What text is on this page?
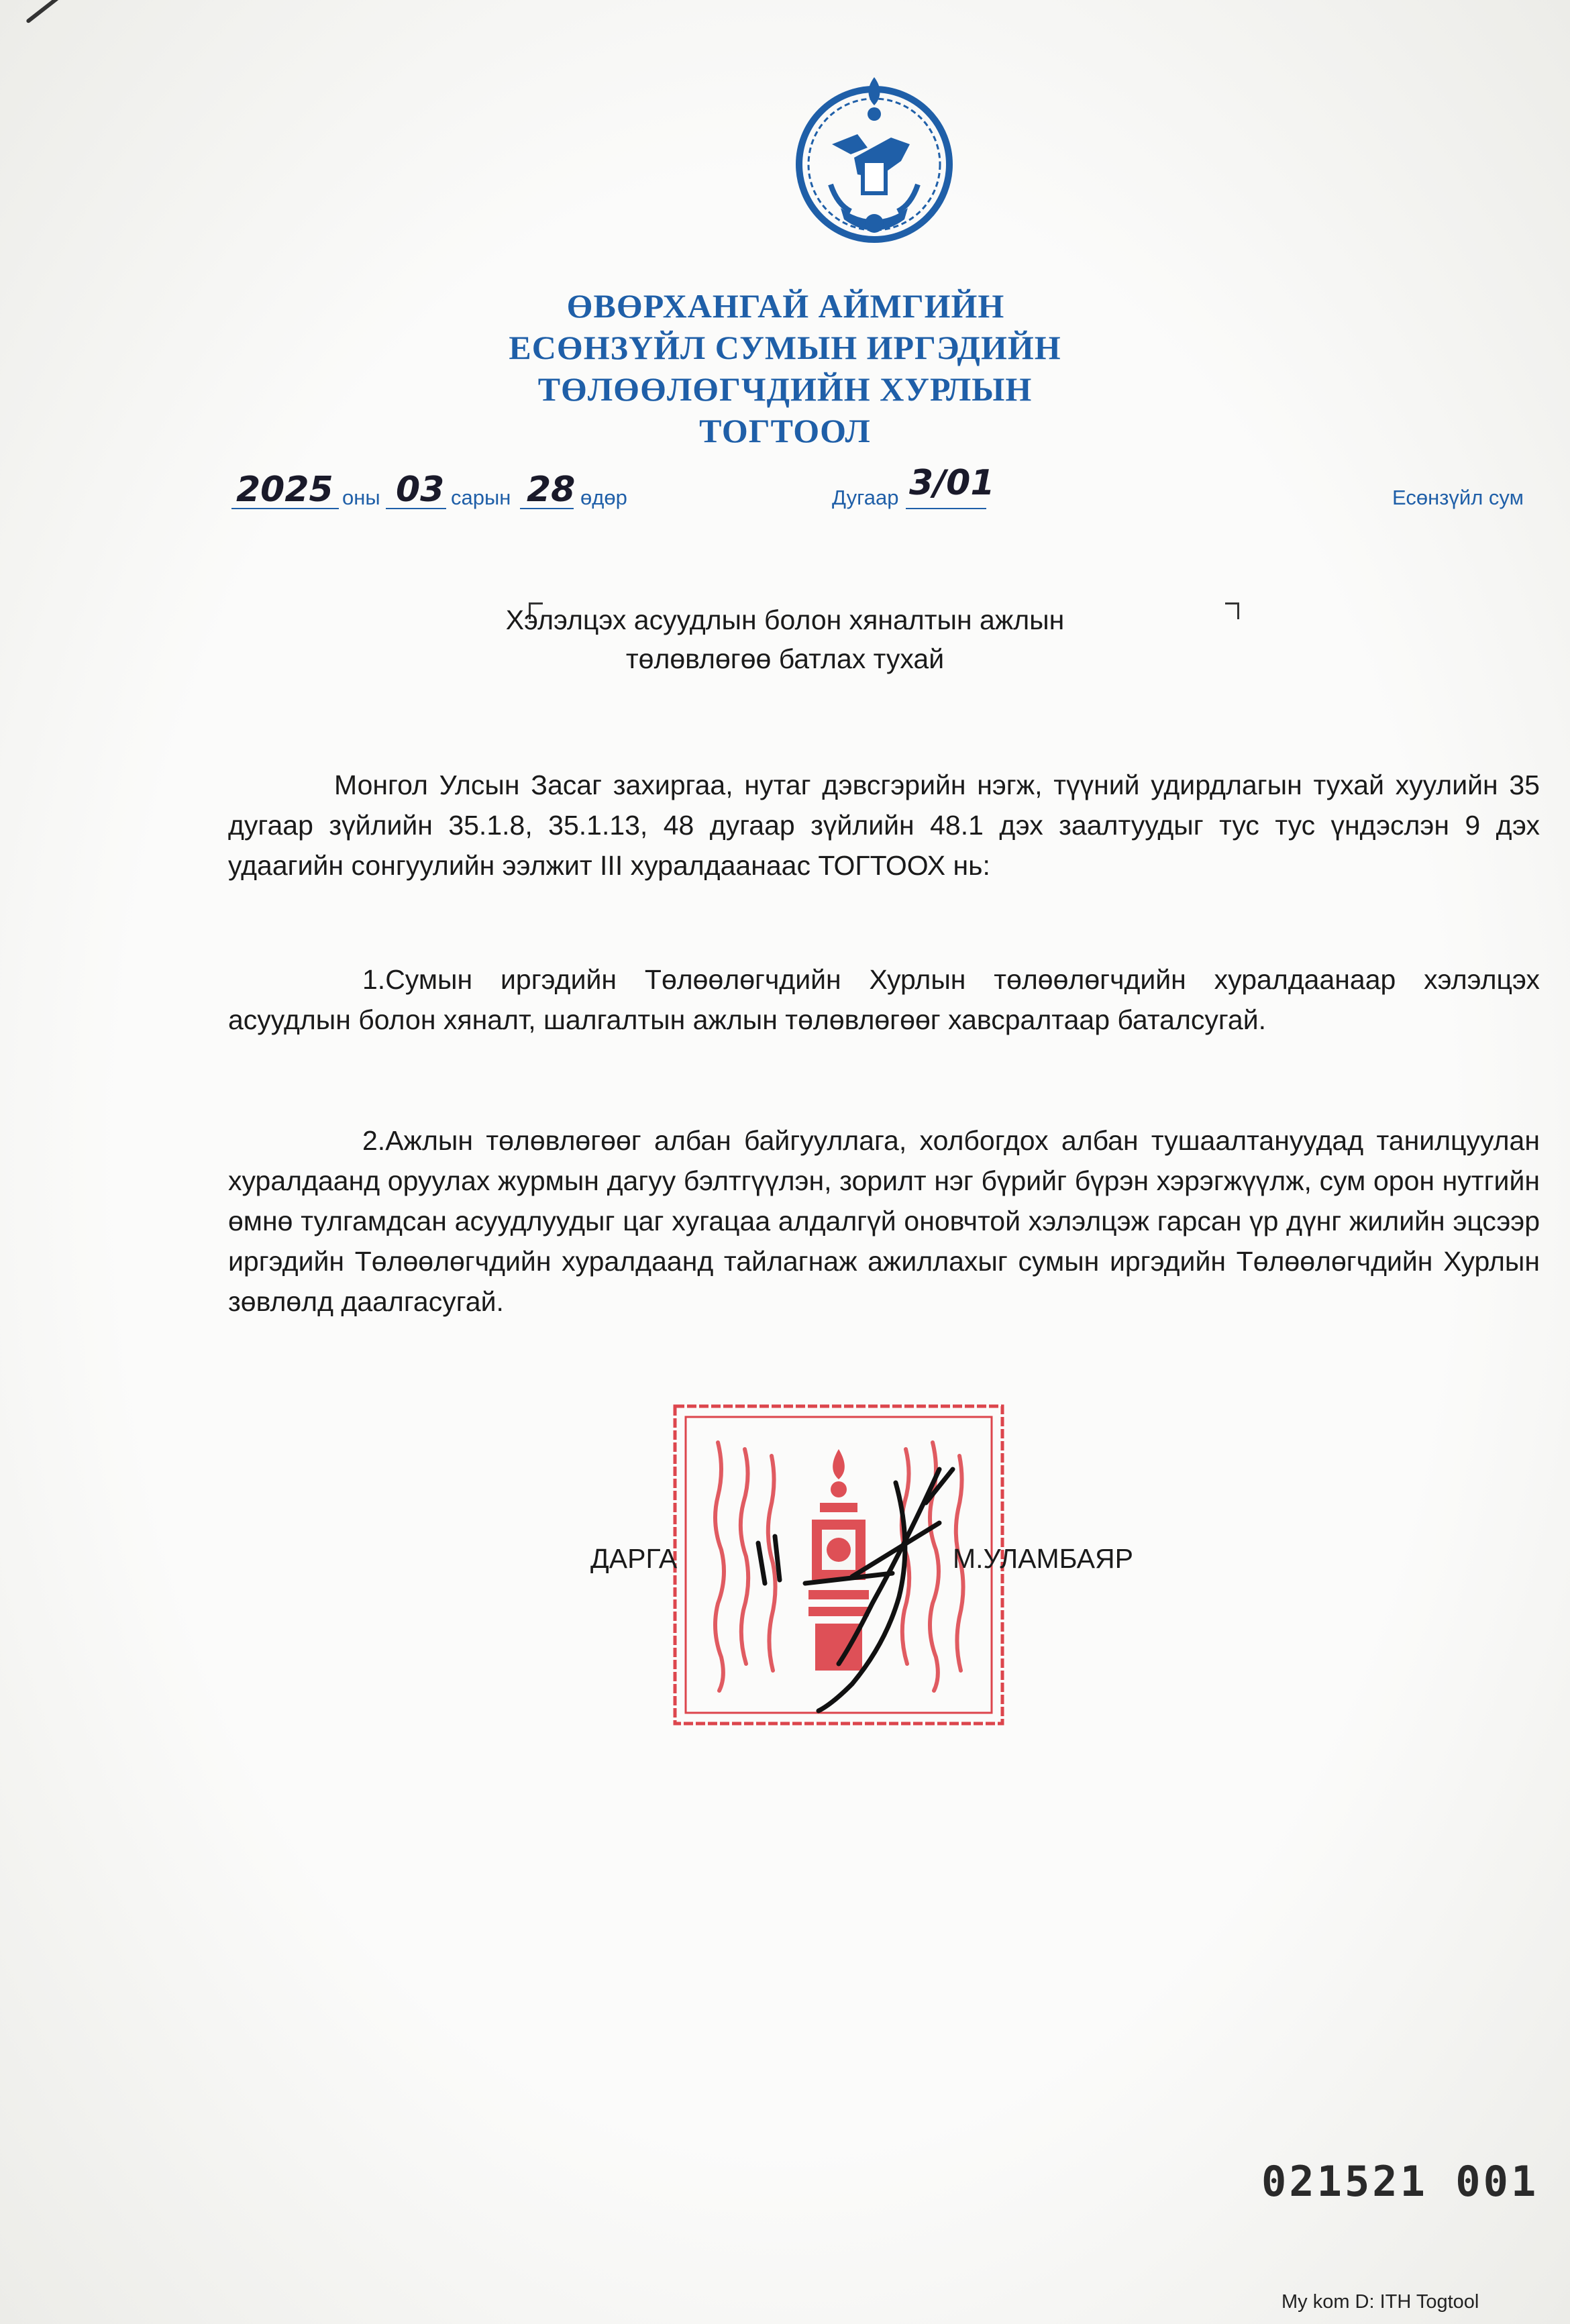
ӨВӨРХАНГАЙ АЙМГИЙН
ЕСӨНЗҮЙЛ СУМЫН ИРГЭДИЙН
ТӨЛӨӨЛӨГЧДИЙН ХУРЛЫН
ТОГТООЛ
2025 оны 03 сарын 28 өдөр	Дугаар 3/01	Есөнзүйл сум
Хэлэлцэх асуудлын болон хяналтын ажлын
төлөвлөгөө батлах тухай

Монгол Улсын Засаг захиргаа, нутаг дэвсгэрийн нэгж, түүний удирдлагын тухай хуулийн 35 дугаар зүйлийн 35.1.8, 35.1.13, 48 дугаар зүйлийн 48.1 дэх заалтуудыг тус тус үндэслэн 9 дэх удаагийн сонгуулийн ээлжит III хуралдаанаас ТОГТООХ нь:

1.Сумын иргэдийн Төлөөлөгчдийн Хурлын төлөөлөгчдийн хуралдаанаар хэлэлцэх асуудлын болон хяналт, шалгалтын ажлын төлөвлөгөөг хавсралтаар баталсугай.

2.Ажлын төлөвлөгөөг албан байгууллага, холбогдох албан тушаалтануудад танилцуулан хуралдаанд оруулах журмын дагуу бэлтгүүлэн, зорилт нэг бүрийг бүрэн хэрэгжүүлж, сум орон нутгийн өмнө тулгамдсан асуудлуудыг цаг хугацаа алдалгүй оновчтой хэлэлцэж гарсан үр дүнг жилийн эцсээр иргэдийн Төлөөлөгчдийн хуралдаанд тайлагнаж ажиллахыг сумын иргэдийн Төлөөлөгчдийн Хурлын зөвлөлд даалгасугай.

ДАРГА	М.УЛАМБАЯР
021521 001
My kom D: ITH Togtool
